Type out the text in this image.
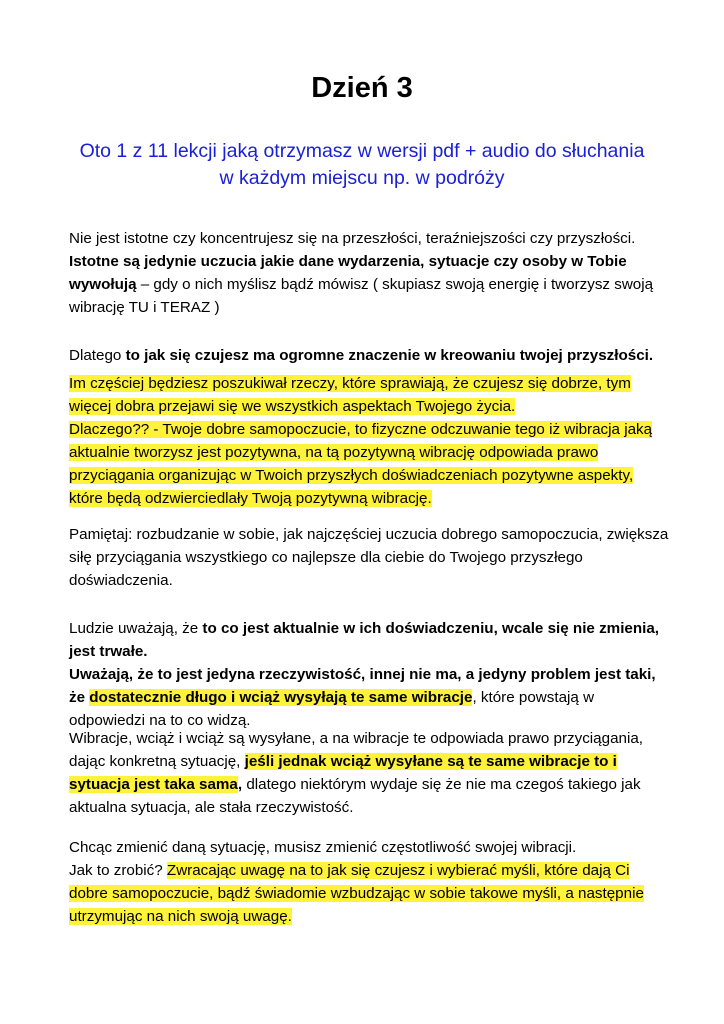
Dzień 3
Oto 1 z 11 lekcji jaką otrzymasz w wersji pdf + audio do słuchania
w każdym miejscu np. w podróży

Nie jest istotne czy koncentrujesz się na przeszłości, teraźniejszości czy przyszłości.
Istotne są jedynie uczucia jakie dane wydarzenia, sytuacje czy osoby w Tobie wywołują – gdy o nich myślisz bądź mówisz ( skupiasz swoją energię i tworzysz swoją wibrację TU i TERAZ )

Dlatego to jak się czujesz ma ogromne znaczenie w kreowaniu twojej przyszłości.

Im częściej będziesz poszukiwał rzeczy, które sprawiają, że czujesz się dobrze, tym więcej dobra przejawi się we wszystkich aspektach Twojego życia.
Dlaczego?? - Twoje dobre samopoczucie, to fizyczne odczuwanie tego iż wibracja jaką aktualnie tworzysz jest pozytywna, na tą pozytywną wibrację odpowiada prawo przyciągania organizując w Twoich przyszłych doświadczeniach pozytywne aspekty, które będą odzwierciedlały Twoją pozytywną wibrację.

Pamiętaj: rozbudzanie w sobie, jak najczęściej uczucia dobrego samopoczucia, zwiększa siłę przyciągania wszystkiego co najlepsze dla ciebie do Twojego przyszłego doświadczenia.

Ludzie uważają, że to co jest aktualnie w ich doświadczeniu, wcale się nie zmienia, jest trwałe.
Uważają, że to jest jedyna rzeczywistość, innej nie ma, a jedyny problem jest taki, że dostatecznie długo i wciąż wysyłają te same wibracje, które powstają w odpowiedzi na to co widzą.

Wibracje, wciąż i wciąż są wysyłane, a na wibracje te odpowiada prawo przyciągania, dając konkretną sytuację, jeśli jednak wciąż wysyłane są te same wibracje to i sytuacja jest taka sama, dlatego niektórym wydaje się że nie ma czegoś takiego jak aktualna sytuacja, ale stała rzeczywistość.

Chcąc zmienić daną sytuację, musisz zmienić częstotliwość swojej wibracji.
Jak to zrobić? Zwracając uwagę na to jak się czujesz i wybierać myśli, które dają Ci dobre samopoczucie, bądź świadomie wzbudzając w sobie takowe myśli, a następnie utrzymując na nich swoją uwagę.
